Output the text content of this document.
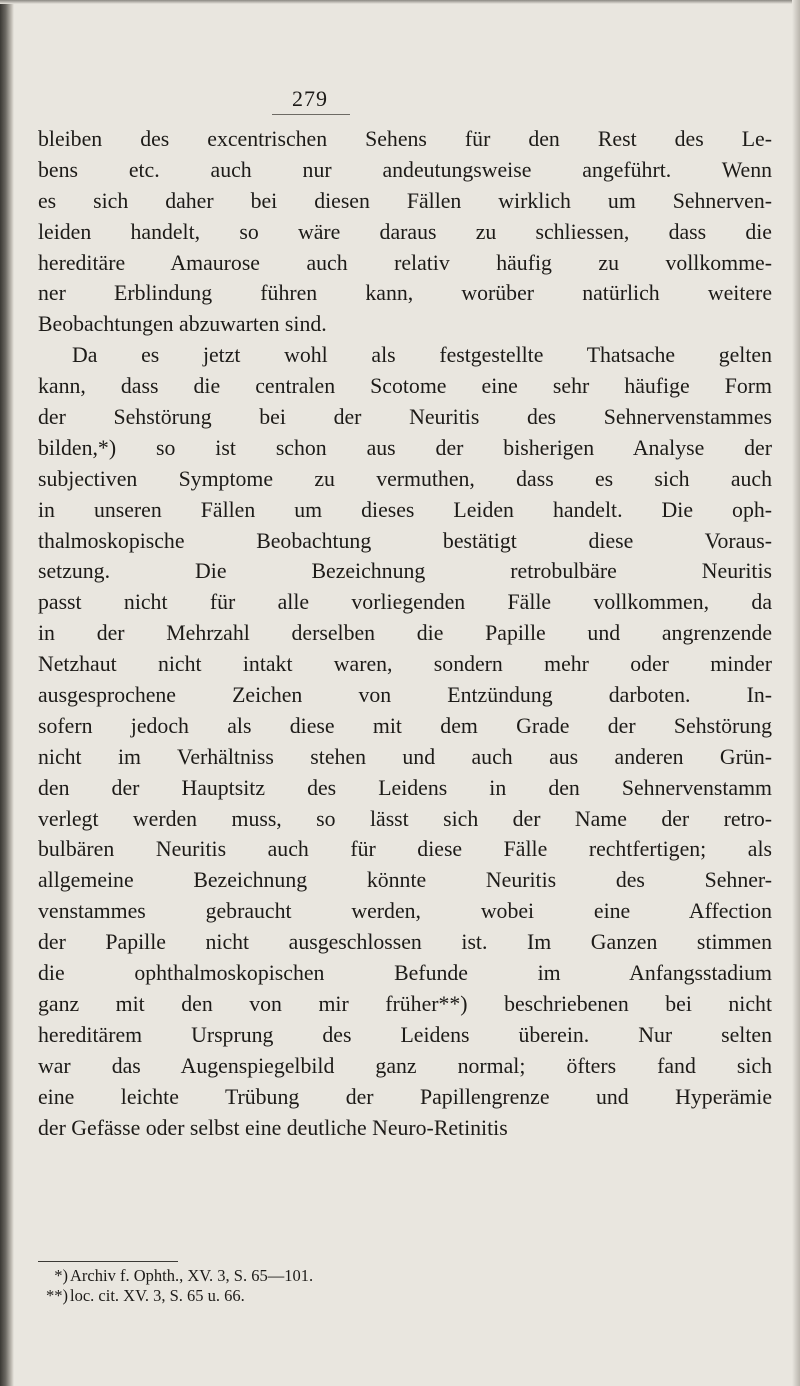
279
bleiben des excentrischen Sehens für den Rest des Le-
bens etc. auch nur andeutungsweise angeführt. Wenn
es sich daher bei diesen Fällen wirklich um Sehnerven-
leiden handelt, so wäre daraus zu schliessen, dass die
hereditäre Amaurose auch relativ häufig zu vollkomme-
ner Erblindung führen kann, worüber natürlich weitere
Beobachtungen abzuwarten sind.
Da es jetzt wohl als festgestellte Thatsache gelten
kann, dass die centralen Scotome eine sehr häufige Form
der Sehstörung bei der Neuritis des Sehnervenstammes
bilden,*) so ist schon aus der bisherigen Analyse der
subjectiven Symptome zu vermuthen, dass es sich auch
in unseren Fällen um dieses Leiden handelt. Die oph-
thalmoskopische Beobachtung bestätigt diese Voraus-
setzung. Die Bezeichnung retrobulbäre Neuritis
passt nicht für alle vorliegenden Fälle vollkommen, da
in der Mehrzahl derselben die Papille und angrenzende
Netzhaut nicht intakt waren, sondern mehr oder minder
ausgesprochene Zeichen von Entzündung darboten. In-
sofern jedoch als diese mit dem Grade der Sehstörung
nicht im Verhältniss stehen und auch aus anderen Grün-
den der Hauptsitz des Leidens in den Sehnervenstamm
verlegt werden muss, so lässt sich der Name der retro-
bulbären Neuritis auch für diese Fälle rechtfertigen; als
allgemeine Bezeichnung könnte Neuritis des Sehner-
venstammes gebraucht werden, wobei eine Affection
der Papille nicht ausgeschlossen ist. Im Ganzen stimmen
die ophthalmoskopischen Befunde im Anfangsstadium
ganz mit den von mir früher**) beschriebenen bei nicht
hereditärem Ursprung des Leidens überein. Nur selten
war das Augenspiegelbild ganz normal; öfters fand sich
eine leichte Trübung der Papillengrenze und Hyperämie
der Gefässe oder selbst eine deutliche Neuro-Retinitis
*) Archiv f. Ophth., XV. 3, S. 65—101.
**) loc. cit. XV. 3, S. 65 u. 66.
